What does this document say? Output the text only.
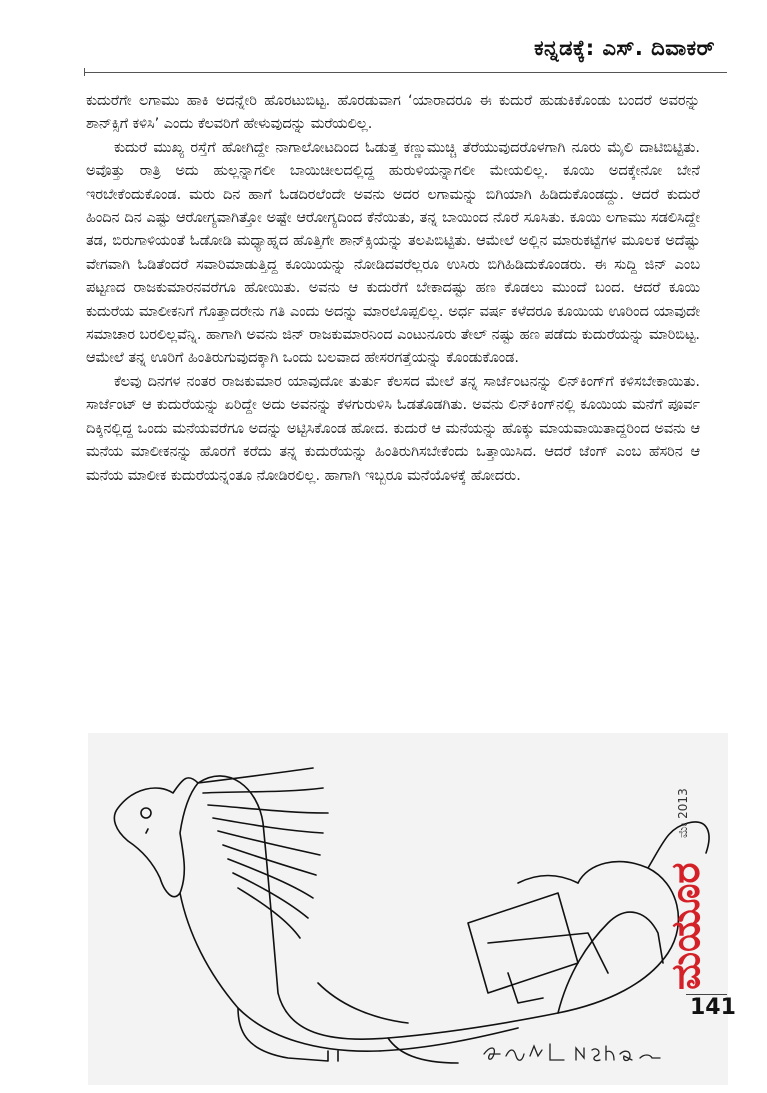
ಕನ್ನಡಕ್ಕೆ: ಎಸ್. ದಿವಾಕರ್

ಕುದುರೆಗೇ ಲಗಾಮು ಹಾಕಿ ಅದನ್ನೇರಿ ಹೊರಟುಬಿಟ್ಟ. ಹೊರಡುವಾಗ ‘ಯಾರಾದರೂ ಈ ಕುದುರೆ ಹುಡುಕಿಕೊಂಡು ಬಂದರೆ ಅವರನ್ನು ಶಾನ್‌ಕ್ಸಿಗೆ ಕಳಿಸಿ’ ಎಂದು ಕೆಲವರಿಗೆ ಹೇಳುವುದನ್ನು ಮರೆಯಲಿಲ್ಲ.

ಕುದುರೆ ಮುಖ್ಯ ರಸ್ತೆಗೆ ಹೋಗಿದ್ದೇ ನಾಗಾಲೋಟದಿಂದ ಓಡುತ್ತ ಕಣ್ಣುಮುಚ್ಚಿ ತೆರೆಯುವುದರೊಳಗಾಗಿ ನೂರು ಮೈಲಿ ದಾಟಿಬಿಟ್ಟಿತು. ಅವೊತ್ತು ರಾತ್ರಿ ಅದು ಹುಲ್ಲನ್ನಾಗಲೀ ಬಾಯಿಚೀಲದಲ್ಲಿದ್ದ ಹುರುಳಿಯನ್ನಾಗಲೀ ಮೇಯಲಿಲ್ಲ. ಕೂಯಿ ಅದಕ್ಕೇನೋ ಬೇನೆ ಇರಬೇಕೆಂದುಕೊಂಡ. ಮರು ದಿನ ಹಾಗೆ ಓಡದಿರಲೆಂದೇ ಅವನು ಅದರ ಲಗಾಮನ್ನು ಬಿಗಿಯಾಗಿ ಹಿಡಿದುಕೊಂಡದ್ದು. ಆದರೆ ಕುದುರೆ ಹಿಂದಿನ ದಿನ ಎಷ್ಟು ಆರೋಗ್ಯವಾಗಿತ್ತೋ ಅಷ್ಟೇ ಆರೋಗ್ಯದಿಂದ ಕೆನೆಯಿತು, ತನ್ನ ಬಾಯಿಂದ ನೊರೆ ಸೂಸಿತು. ಕೂಯಿ ಲಗಾಮು ಸಡಲಿಸಿದ್ದೇ ತಡ, ಬಿರುಗಾಳಿಯಂತೆ ಓಡೋಡಿ ಮಧ್ಯಾಹ್ನದ ಹೊತ್ತಿಗೇ ಶಾನ್‌ಕ್ಸಿಯನ್ನು ತಲಪಿಬಿಟ್ಟಿತು. ಆಮೇಲೆ ಅಲ್ಲಿನ ಮಾರುಕಟ್ಟೆಗಳ ಮೂಲಕ ಅದೆಷ್ಟು ವೇಗವಾಗಿ ಓಡಿತೆಂದರೆ ಸವಾರಿಮಾಡುತ್ತಿದ್ದ ಕೂಯಿಯನ್ನು ನೋಡಿದವರೆಲ್ಲರೂ ಉಸಿರು ಬಿಗಿಹಿಡಿದುಕೊಂಡರು. ಈ ಸುದ್ದಿ ಜಿನ್ ಎಂಬ ಪಟ್ಟಣದ ರಾಜಕುಮಾರನವರೆಗೂ ಹೋಯಿತು. ಅವನು ಆ ಕುದುರೆಗೆ ಬೇಕಾದಷ್ಟು ಹಣ ಕೊಡಲು ಮುಂದೆ ಬಂದ. ಆದರೆ ಕೂಯಿ ಕುದುರೆಯ ಮಾಲೀಕನಿಗೆ ಗೊತ್ತಾದರೇನು ಗತಿ ಎಂದು ಅದನ್ನು ಮಾರಲೊಪ್ಪಲಿಲ್ಲ. ಅರ್ಧ ವರ್ಷ ಕಳೆದರೂ ಕೂಯಿಯ ಊರಿಂದ ಯಾವುದೇ ಸಮಾಚಾರ ಬರಲಿಲ್ಲವೆನ್ನಿ. ಹಾಗಾಗಿ ಅವನು ಜಿನ್ ರಾಜಕುಮಾರನಿಂದ ಎಂಟುನೂರು ತೇಲ್ ನಷ್ಟು ಹಣ ಪಡೆದು ಕುದುರೆಯನ್ನು ಮಾರಿಬಿಟ್ಟ. ಆಮೇಲೆ ತನ್ನ ಊರಿಗೆ ಹಿಂತಿರುಗುವುದಕ್ಕಾಗಿ ಒಂದು ಬಲವಾದ ಹೇಸರಗತ್ತೆಯನ್ನು ಕೊಂಡುಕೊಂಡ.

ಕೆಲವು ದಿನಗಳ ನಂತರ ರಾಜಕುಮಾರ ಯಾವುದೋ ತುರ್ತು ಕೆಲಸದ ಮೇಲೆ ತನ್ನ ಸಾರ್ಜೆಂಟನನ್ನು ಲಿನ್‌ಕಿಂಗ್‌ಗೆ ಕಳಿಸಬೇಕಾಯಿತು. ಸಾರ್ಜೆಂಟ್ ಆ ಕುದುರೆಯನ್ನು ಏರಿದ್ದೇ ಅದು ಅವನನ್ನು ಕೆಳಗುರುಳಿಸಿ ಓಡತೊಡಗಿತು. ಅವನು ಲಿನ್‌ಕಿಂಗ್‌ನಲ್ಲಿ ಕೂಯಿಯ ಮನೆಗೆ ಪೂರ್ವ ದಿಕ್ಕಿನಲ್ಲಿದ್ದ ಒಂದು ಮನೆಯವರೆಗೂ ಅದನ್ನು ಅಟ್ಟಿಸಿಕೊಂಡ ಹೋದ. ಕುದುರೆ ಆ ಮನೆಯನ್ನು ಹೊಕ್ಕು ಮಾಯವಾಯಿತಾದ್ದರಿಂದ ಅವನು ಆ ಮನೆಯ ಮಾಲೀಕನನ್ನು ಹೊರಗೆ ಕರೆದು ತನ್ನ ಕುದುರೆಯನ್ನು ಹಿಂತಿರುಗಿಸಬೇಕೆಂದು ಒತ್ತಾಯಿಸಿದ. ಆದರೆ ಜೆಂಗ್ ಎಂಬ ಹೆಸರಿನ ಆ ಮನೆಯ ಮಾಲೀಕ ಕುದುರೆಯನ್ನಂತೂ ನೋಡಿರಲಿಲ್ಲ. ಹಾಗಾಗಿ ಇಬ್ಬರೂ ಮನೆಯೊಳಕ್ಕೆ ಹೋದರು.

ಮೇ 2013
ಮಯೂರ
141
